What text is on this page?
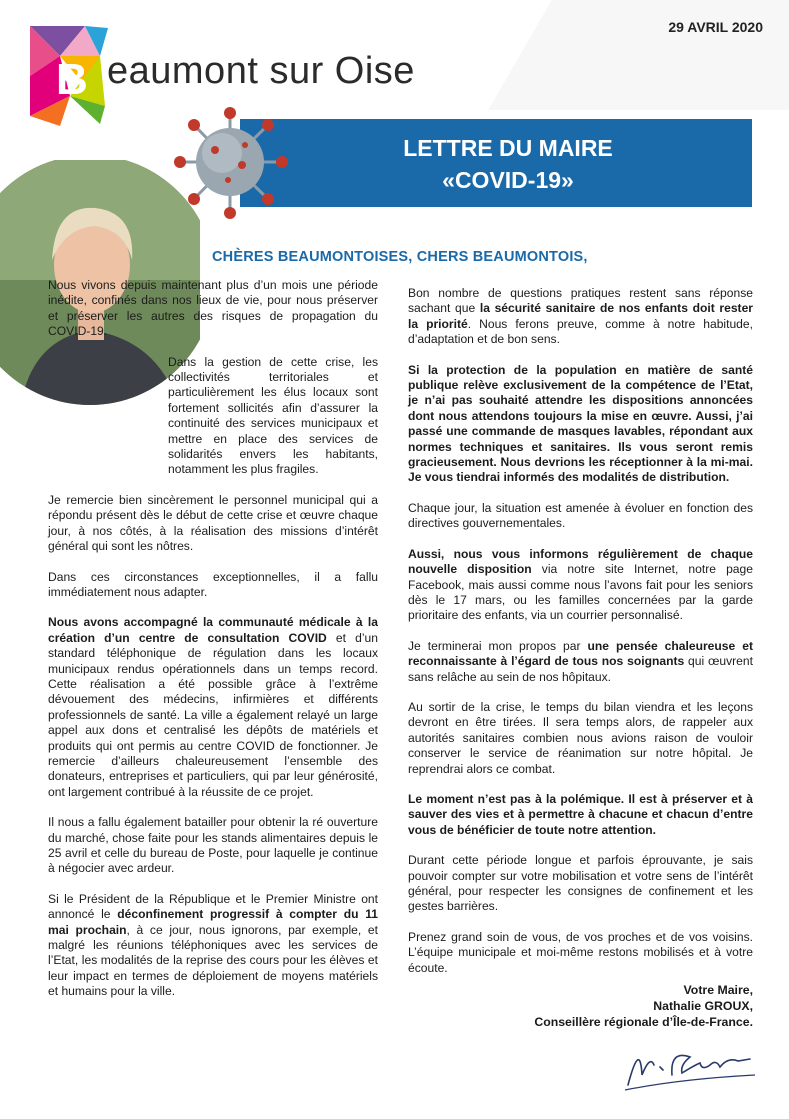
29 AVRIL 2020
B eaumont sur Oise
LETTRE DU MAIRE
«COVID-19»
CHÈRES BEAUMONTOISES, CHERS BEAUMONTOIS,

Nous vivons depuis maintenant plus d’un mois une période inédite, confinés dans nos lieux de vie, pour nous préserver et préserver les autres des risques de propagation du COVID-19.

Dans la gestion de cette crise, les collectivités territoriales et particulièrement les élus locaux sont fortement sollicités afin d’assurer la continuité des services municipaux et mettre en place des services de solidarités envers les habitants, notamment les plus fragiles.

Je remercie bien sincèrement le personnel municipal qui a répondu présent dès le début de cette crise et œuvre chaque jour, à nos côtés, à la réalisation des missions d’intérêt général qui sont les nôtres.

Dans ces circonstances exceptionnelles, il a fallu immédiatement nous adapter.

Nous avons accompagné la communauté médicale à la création d’un centre de consultation COVID et d’un standard téléphonique de régulation dans les locaux municipaux rendus opérationnels dans un temps record. Cette réalisation a été possible grâce à l’extrême dévouement des médecins, infirmières et différents professionnels de santé. La ville a également relayé un large appel aux dons et centralisé les dépôts de matériels et produits qui ont permis au centre COVID de fonctionner. Je remercie d’ailleurs chaleureusement l’ensemble des donateurs, entreprises et particuliers, qui par leur générosité, ont largement contribué à la réussite de ce projet.

Il nous a fallu également batailler pour obtenir la ré ouverture du marché, chose faite pour les stands alimentaires depuis le 25 avril et celle du bureau de Poste, pour laquelle je continue à négocier avec ardeur.

Si le Président de la République et le Premier Ministre ont annoncé le déconfinement progressif à compter du 11 mai prochain, à ce jour, nous ignorons, par exemple, et malgré les réunions téléphoniques avec les services de l’Etat, les modalités de la reprise des cours pour les élèves et leur impact en termes de déploiement de moyens matériels et humains pour la ville.

Bon nombre de questions pratiques restent sans réponse sachant que la sécurité sanitaire de nos enfants doit rester la priorité. Nous ferons preuve, comme à notre habitude, d’adaptation et de bon sens.

Si la protection de la population en matière de santé publique relève exclusivement de la compétence de l’Etat, je n’ai pas souhaité attendre les dispositions annoncées dont nous attendons toujours la mise en œuvre. Aussi, j’ai passé une commande de masques lavables, répondant aux normes techniques et sanitaires. Ils vous seront remis gracieusement. Nous devrions les réceptionner à la mi-mai. Je vous tiendrai informés des modalités de distribution.

Chaque jour, la situation est amenée à évoluer en fonction des directives gouvernementales.

Aussi, nous vous informons régulièrement de chaque nouvelle disposition via notre site Internet, notre page Facebook, mais aussi comme nous l’avons fait pour les seniors dès le 17 mars, ou les familles concernées par la garde prioritaire des enfants, via un courrier personnalisé.

Je terminerai mon propos par une pensée chaleureuse et reconnaissante à l’égard de tous nos soignants qui œuvrent sans relâche au sein de nos hôpitaux.

Au sortir de la crise, le temps du bilan viendra et les leçons devront en être tirées. Il sera temps alors, de rappeler aux autorités sanitaires combien nous avions raison de vouloir conserver le service de réanimation sur notre hôpital. Je reprendrai alors ce combat.

Le moment n’est pas à la polémique. Il est à préserver et à sauver des vies et à permettre à chacune et chacun d’entre vous de bénéficier de toute notre attention.

Durant cette période longue et parfois éprouvante, je sais pouvoir compter sur votre mobilisation et votre sens de l’intérêt général, pour respecter les consignes de confinement et les gestes barrières.

Prenez grand soin de vous, de vos proches et de vos voisins. L’équipe municipale et moi-même restons mobilisés et à votre écoute.

Votre Maire,
Nathalie GROUX,
Conseillère régionale d’Île-de-France.
